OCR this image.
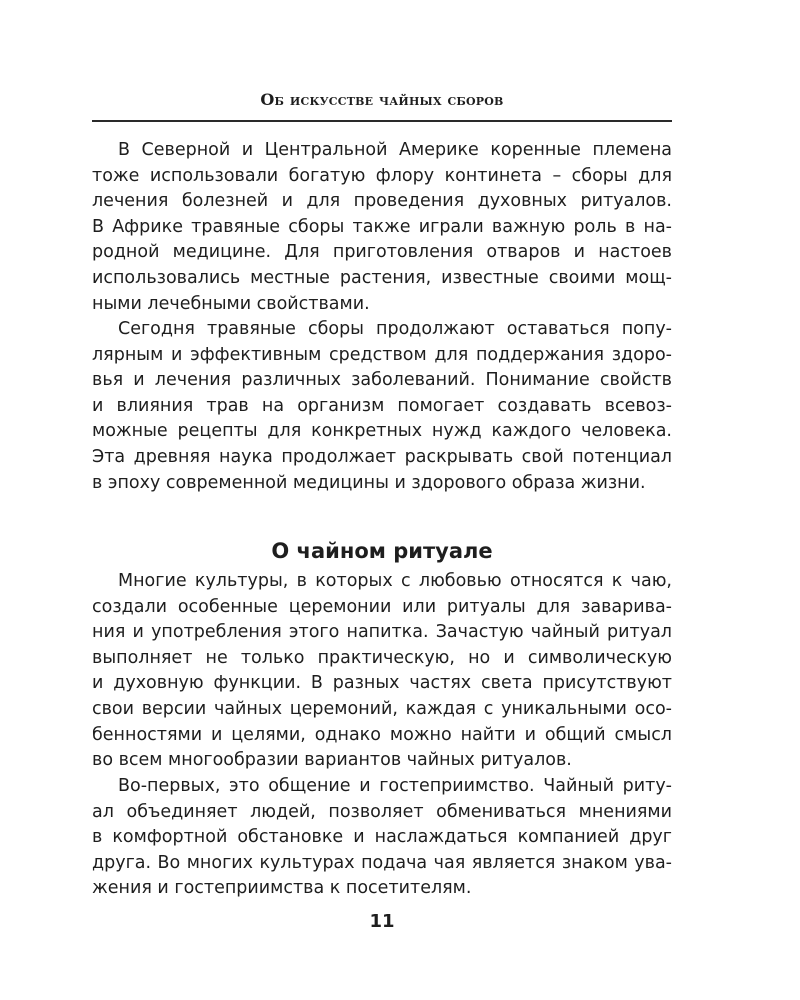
Об искусстве чайных сборов
В Северной и Центральной Америке коренные племена
тоже использовали богатую флору континета – сборы для
лечения болезней и для проведения духовных ритуалов.
В Африке травяные сборы также играли важную роль в на-
родной медицине. Для приготовления отваров и настоев
использовались местные растения, известные своими мощ-
ными лечебными свойствами.
Сегодня травяные сборы продолжают оставаться попу-
лярным и эффективным средством для поддержания здоро-
вья и лечения различных заболеваний. Понимание свойств
и влияния трав на организм помогает создавать всевоз-
можные рецепты для конкретных нужд каждого человека.
Эта древняя наука продолжает раскрывать свой потенциал
в эпоху современной медицины и здорового образа жизни.
О чайном ритуале
Многие культуры, в которых с любовью относятся к чаю,
создали особенные церемонии или ритуалы для заварива-
ния и употребления этого напитка. Зачастую чайный ритуал
выполняет не только практическую, но и символическую
и духовную функции. В разных частях света присутствуют
свои версии чайных церемоний, каждая с уникальными осо-
бенностями и целями, однако можно найти и общий смысл
во всем многообразии вариантов чайных ритуалов.
Во-первых, это общение и гостеприимство. Чайный риту-
ал объединяет людей, позволяет обмениваться мнениями
в комфортной обстановке и наслаждаться компанией друг
друга. Во многих культурах подача чая является знаком ува-
жения и гостеприимства к посетителям.
11
